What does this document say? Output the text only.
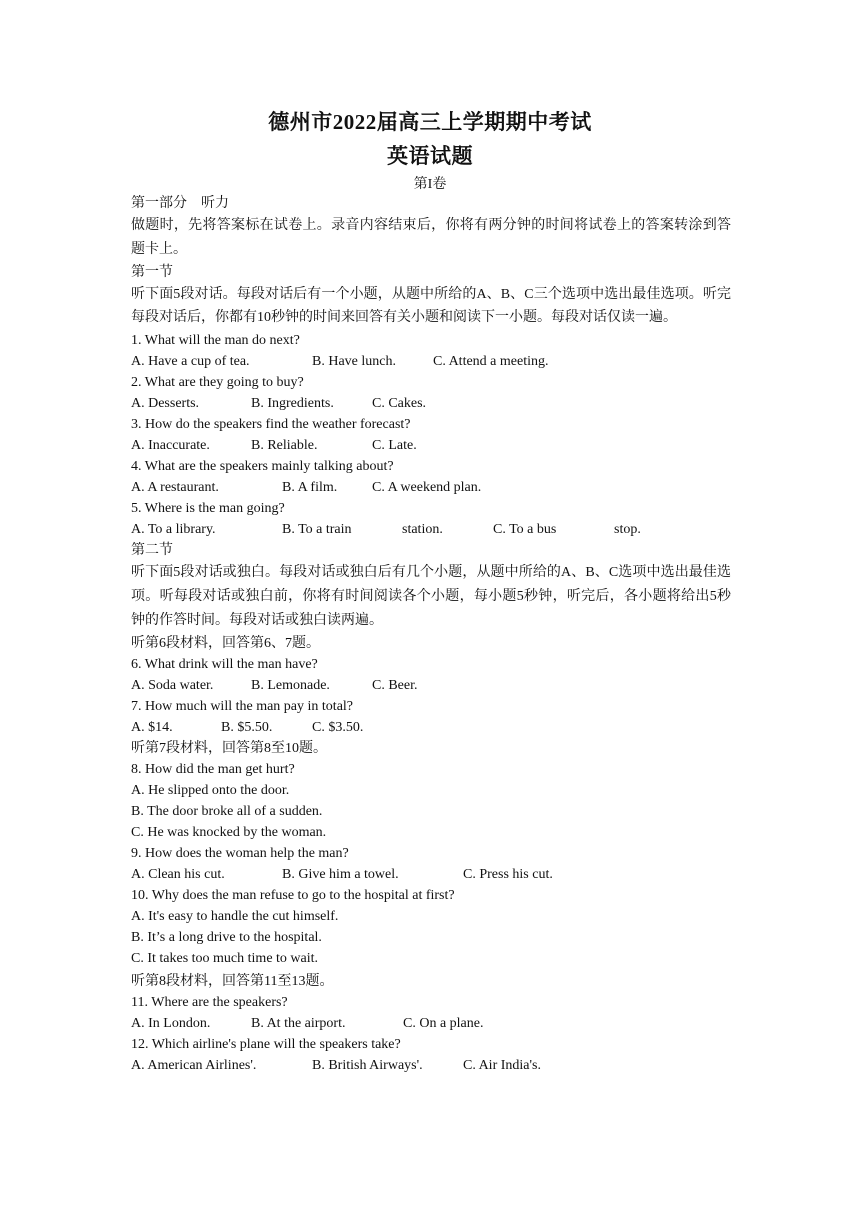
德州市2022届高三上学期期中考试
英语试题
第I卷
第一部分　听力
做题时，先将答案标在试卷上。录音内容结束后，你将有两分钟的时间将试卷上的答案转涂到答题卡上。
第一节
听下面5段对话。每段对话后有一个小题，从题中所给的A、B、C三个选项中选出最佳选项。听完每段对话后，你都有10秒钟的时间来回答有关小题和阅读下一小题。每段对话仅读一遍。
1. What will the man do next?
A. Have a cup of tea.	B. Have lunch.	C. Attend a meeting.
2. What are they going to buy?
A. Desserts.	B. Ingredients.	C. Cakes.
3. How do the speakers find the weather forecast?
A. Inaccurate.	B. Reliable.	C. Late.
4. What are the speakers mainly talking about?
A. A restaurant.	B. A film. C. A weekend plan.
5. Where is the man going?
A. To a library.	B. To a train	station.	C. To a bus	stop.
第二节
听下面5段对话或独白。每段对话或独白后有几个小题，从题中所给的A、B、C选项中选出最佳选项。听每段对话或独白前，你将有时间阅读各个小题，每小题5秒钟，听完后，各小题将给出5秒钟的作答时间。每段对话或独白读两遍。
听第6段材料，回答第6、7题。
6. What drink will the man have?
A. Soda water.	B. Lemonade.	C. Beer.
7. How much will the man pay in total?
A. $14.	B. $5.50.	C. $3.50.
听第7段材料，回答第8至10题。
8. How did the man get hurt?
A. He slipped onto the door.
B. The door broke all of a sudden.
C. He was knocked by the woman.
9. How does the woman help the man?
A. Clean his cut.	B. Give him a towel.	C. Press his cut.
10. Why does the man refuse to go to the hospital at first?
A. It's easy to handle the cut himself.
B. It’s a long drive to the hospital.
C. It takes too much time to wait.
听第8段材料，回答第11至13题。
11. Where are the speakers?
A. In London.	B. At the airport.	C. On a plane.
12. Which airline's plane will the speakers take?
A. American Airlines'.	B. British Airways'.	C. Air India's.
